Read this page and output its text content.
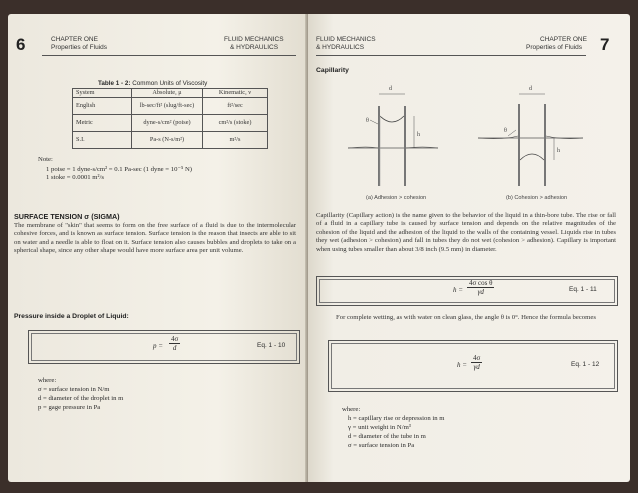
6	CHAPTER ONE
Properties of Fluids
FLUID MECHANICS
& HYDRAULICS
Table 1 - 2: Common Units of Viscosity
System	Absolute, μ	Kinematic, ν
English	lb-sec/ft² (slug/ft-sec)	ft²/sec
Metric	dyne-s/cm² (poise)	cm²/s (stoke)
S.I.	Pa-s (N-s/m²)	m²/s
Note:
1 poise = 1 dyne-s/cm² = 0.1 Pa-sec (1 dyne = 10⁻⁵ N)
1 stoke = 0.0001 m²/s
SURFACE TENSION σ (SIGMA)
The membrane of "skin" that seems to form on the free surface of a fluid is due to the intermolecular cohesive forces, and is known as surface tension. Surface tension is the reason that insects are able to sit on water and a needle is able to float on it. Surface tension also causes bubbles and droplets to take on a spherical shape, since any other shape would have more surface area per unit volume.
Pressure inside a Droplet of Liquid:
$p = \frac{4\sigma}{d}$	Eq. 1 - 10
where:
σ = surface tension in N/m
d = diameter of the droplet in m
p = gage pressure in Pa
FLUID MECHANICS
& HYDRAULICS
CHAPTER ONE
Properties of Fluids 7
Capillarity
d
θ
h
d
θ
h
(a) Adhesion > cohesion	(b) Cohesion > adhesion
Capillarity (Capillary action) is the name given to the behavior of the liquid in a thin-bore tube. The rise or fall of a fluid in a capillary tube is caused by surface tension and depends on the relative magnitudes of the cohesion of the liquid and the adhesion of the liquid to the walls of the containing vessel. Liquids rise in tubes they wet (adhesion > cohesion) and fall in tubes they do not wet (cohesion > adhesion). Capillary is important when using tubes smaller than about 3/8 inch (9.5 mm) in diameter.
$h = \frac{\text{4σ cos θ}}{\gamma d}$	Eq. 1 - 11
For complete wetting, as with water on clean glass, the angle θ is 0°. Hence the formula becomes
$h = \frac{4\sigma}{\gamma d}$	Eq. 1 - 12
where:
h = capillary rise or depression in m
γ = unit weight in N/m³
d = diameter of the tube in m
σ = surface tension in Pa
